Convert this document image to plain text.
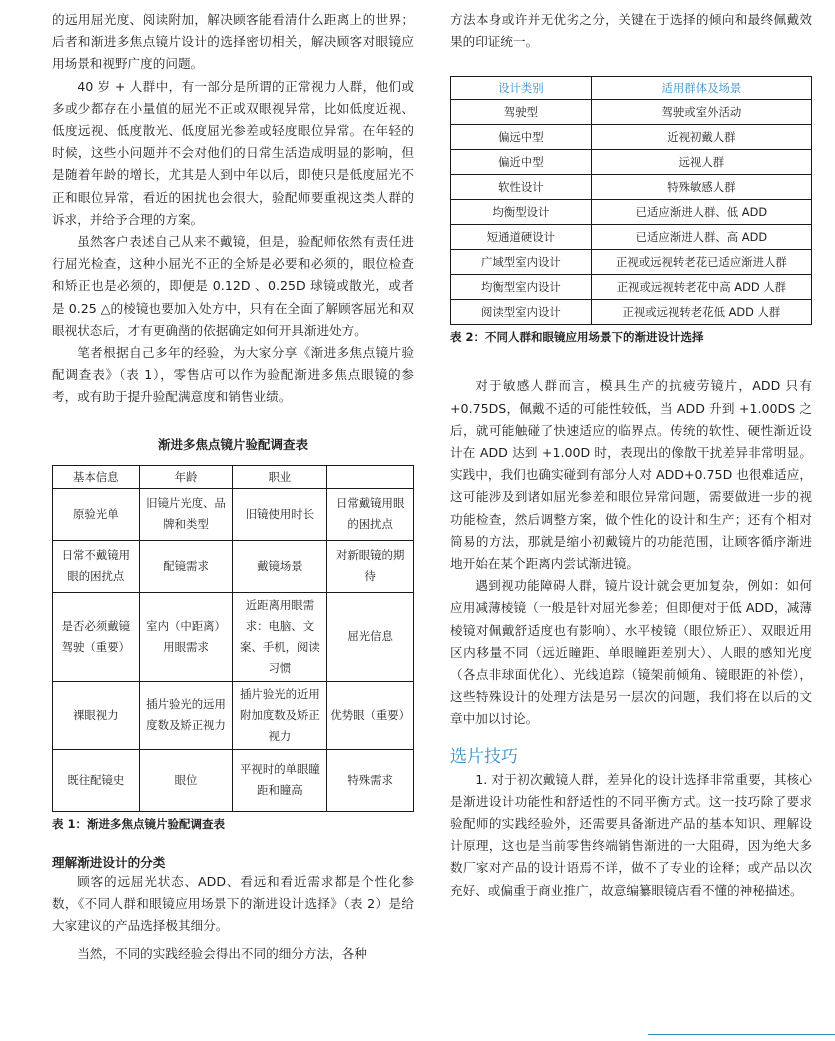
的远用屈光度、阅读附加，解决顾客能看清什么距离上的世界；后者和渐进多焦点镜片设计的选择密切相关，解决顾客对眼镜应用场景和视野广度的问题。

40 岁 + 人群中，有一部分是所谓的正常视力人群，他们或多或少都存在小量值的屈光不正或双眼视异常，比如低度近视、低度远视、低度散光、低度屈光参差或轻度眼位异常。在年轻的时候，这些小问题并不会对他们的日常生活造成明显的影响，但是随着年龄的增长，尤其是人到中年以后，即使只是低度屈光不正和眼位异常，看近的困扰也会很大，验配师要重视这类人群的诉求，并给予合理的方案。

虽然客户表述自己从来不戴镜，但是，验配师依然有责任进行屈光检查，这种小屈光不正的全矫是必要和必须的，眼位检查和矫正也是必须的，即便是 0.12D 、0.25D 球镜或散光，或者是 0.25 △的棱镜也要加入处方中，只有在全面了解顾客屈光和双眼视状态后，才有更确凿的依据确定如何开具渐进处方。

笔者根据自己多年的经验，为大家分享《渐进多焦点镜片验配调查表》（表 1），零售店可以作为验配渐进多焦点眼镜的参考，或有助于提升验配满意度和销售业绩。

渐进多焦点镜片验配调查表
基本信息	年龄	职业	
原验光单	旧镜片光度、品牌和类型	旧镜使用时长	日常戴镜用眼的困扰点
日常不戴镜用眼的困扰点	配镜需求	戴镜场景	对新眼镜的期待
是否必须戴镜驾驶（重要）	室内（中距离）用眼需求	近距离用眼需求：电脑、文案、手机，阅读习惯	屈光信息
裸眼视力	插片验光的远用度数及矫正视力	插片验光的近用附加度数及矫正视力	优势眼（重要）
既往配镜史	眼位	平视时的单眼瞳距和瞳高	特殊需求
表 1：渐进多焦点镜片验配调查表
理解渐进设计的分类

顾客的远屈光状态、ADD、看远和看近需求都是个性化参数，《不同人群和眼镜应用场景下的渐进设计选择》（表 2）是给大家建议的产品选择极其细分。

当然，不同的实践经验会得出不同的细分方法，各种

方法本身或许并无优劣之分，关键在于选择的倾向和最终佩戴效果的印证统一。

设计类别	适用群体及场景
驾驶型	驾驶或室外活动
偏远中型	近视初戴人群
偏近中型	远视人群
软性设计	特殊敏感人群
均衡型设计	已适应渐进人群、低 ADD
短通道硬设计	已适应渐进人群、高 ADD
广域型室内设计	正视或远视转老花已适应渐进人群
均衡型室内设计	正视或远视转老花中高 ADD 人群
阅读型室内设计	正视或远视转老花低 ADD 人群
表 2：不同人群和眼镜应用场景下的渐进设计选择

对于敏感人群而言，模具生产的抗疲劳镜片，ADD 只有 +0.75DS，佩戴不适的可能性较低，当 ADD 升到 +1.00DS 之后，就可能触碰了快速适应的临界点。传统的软性、硬性渐近设计在 ADD 达到 +1.00D 时，表现出的像散干扰差异非常明显。实践中，我们也确实碰到有部分人对 ADD+0.75D 也很难适应，这可能涉及到诸如屈光参差和眼位异常问题，需要做进一步的视功能检查，然后调整方案，做个性化的设计和生产；还有个相对简易的方法，那就是缩小初戴镜片的功能范围，让顾客循序渐进地开始在某个距离内尝试渐进镜。

遇到视功能障碍人群，镜片设计就会更加复杂，例如：如何应用减薄棱镜（一般是针对屈光参差；但即便对于低 ADD，减薄棱镜对佩戴舒适度也有影响）、水平棱镜（眼位矫正）、双眼近用区内移量不同（远近瞳距、单眼瞳距差别大）、人眼的感知光度（各点非球面优化）、光线追踪（镜架前倾角、镜眼距的补偿），这些特殊设计的处理方法是另一层次的问题，我们将在以后的文章中加以讨论。

选片技巧

1. 对于初次戴镜人群，差异化的设计选择非常重要，其核心是渐进设计功能性和舒适性的不同平衡方式。这一技巧除了要求验配师的实践经验外，还需要具备渐进产品的基本知识、理解设计原理，这也是当前零售终端销售渐进的一大阻碍，因为绝大多数厂家对产品的设计语焉不详，做不了专业的诠释；或产品以次充好、或偏重于商业推广，故意编纂眼镜店看不懂的神秘描述。
